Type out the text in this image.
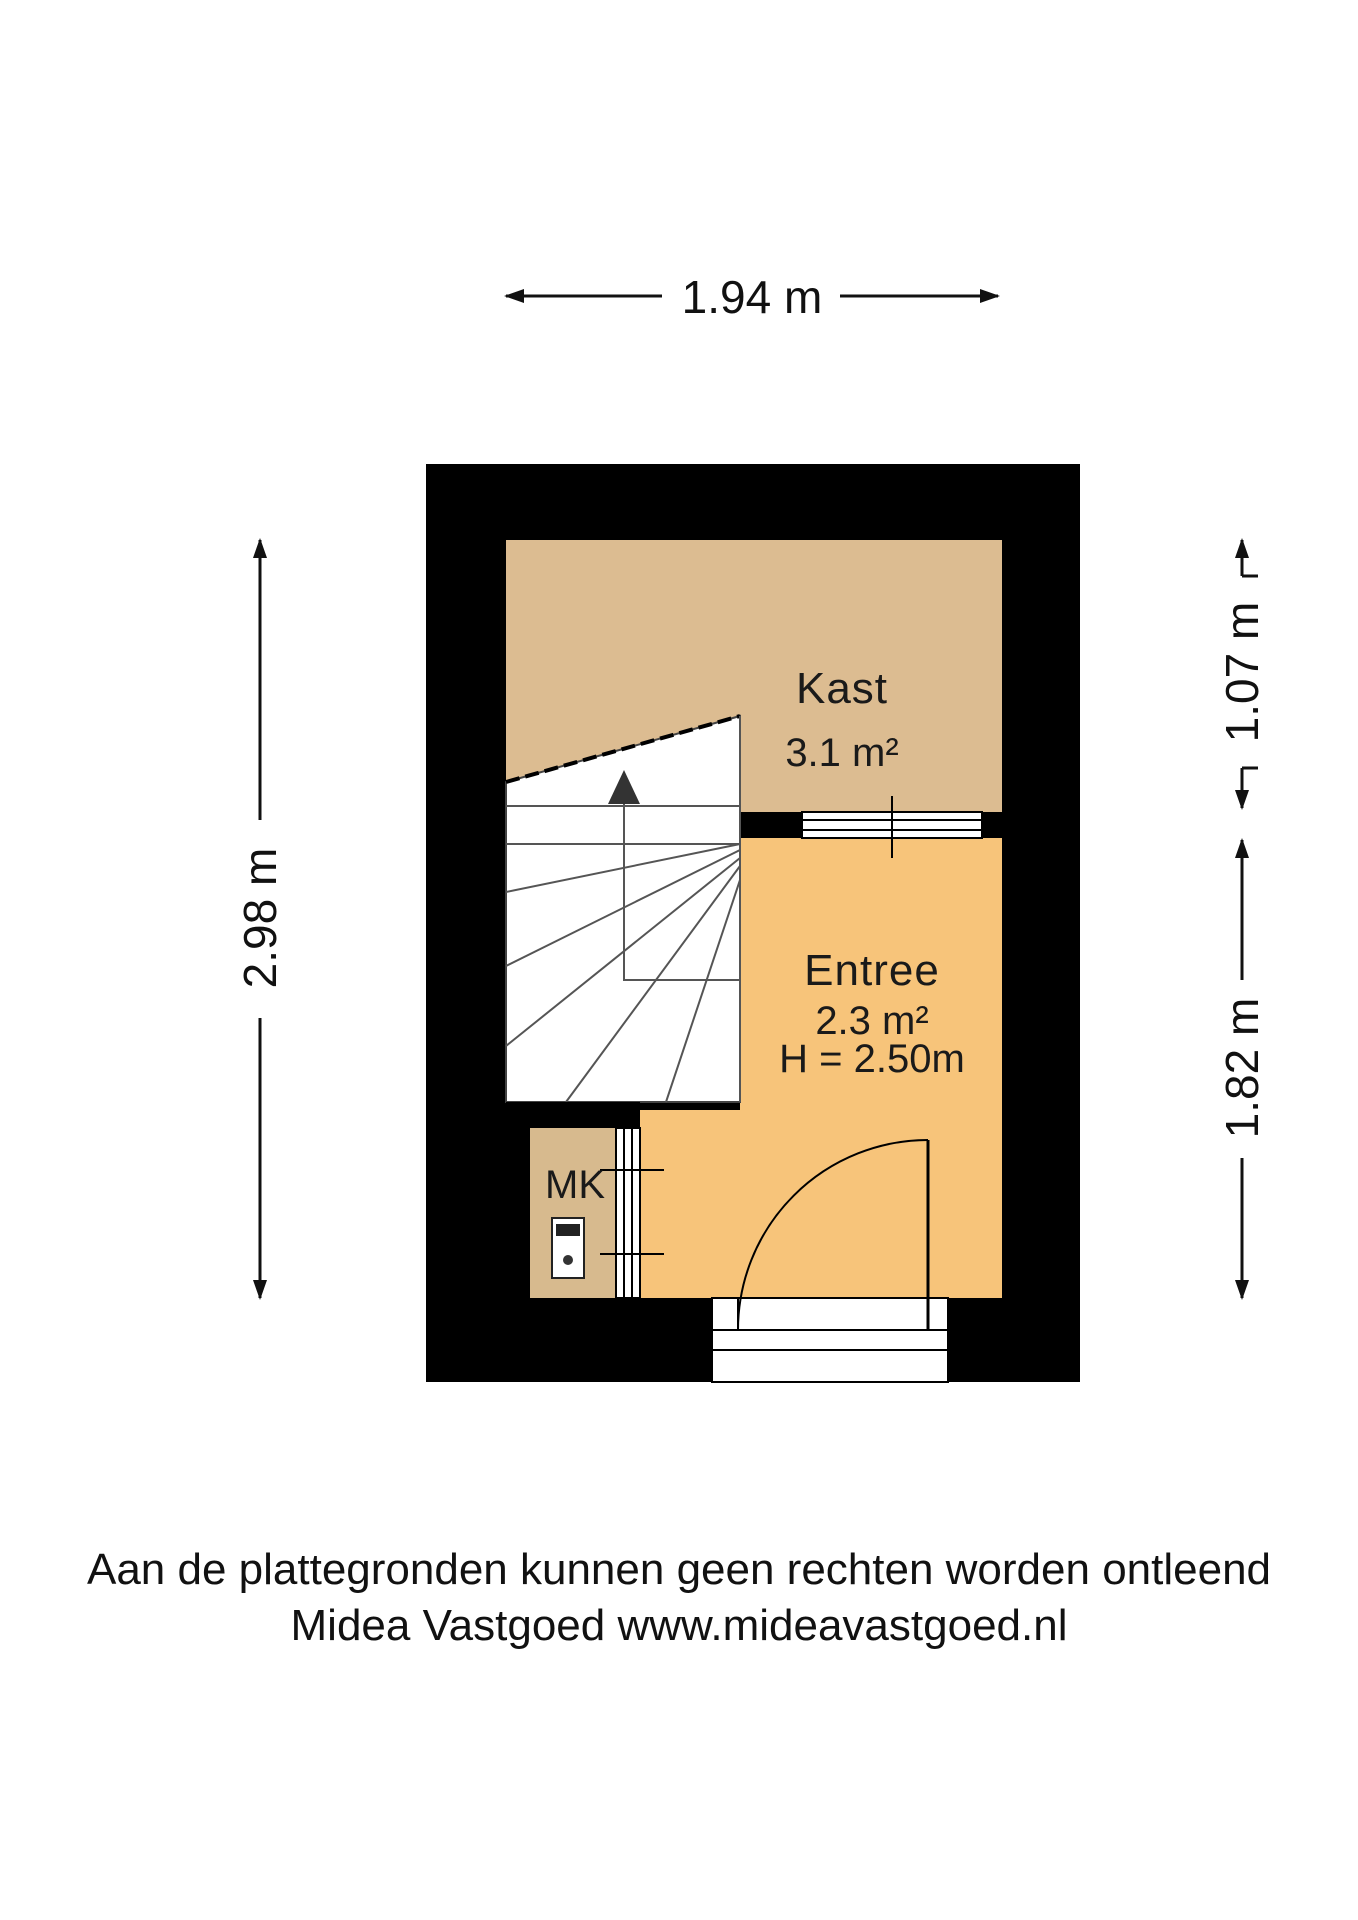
1.94 m
2.98 m
1.07 m
1.82 m
Kast
3.1 m²
Entree
2.3 m²
H = 2.50m
MK
Aan de plattegronden kunnen geen rechten worden ontleend
Midea Vastgoed www.mideavastgoed.nl
